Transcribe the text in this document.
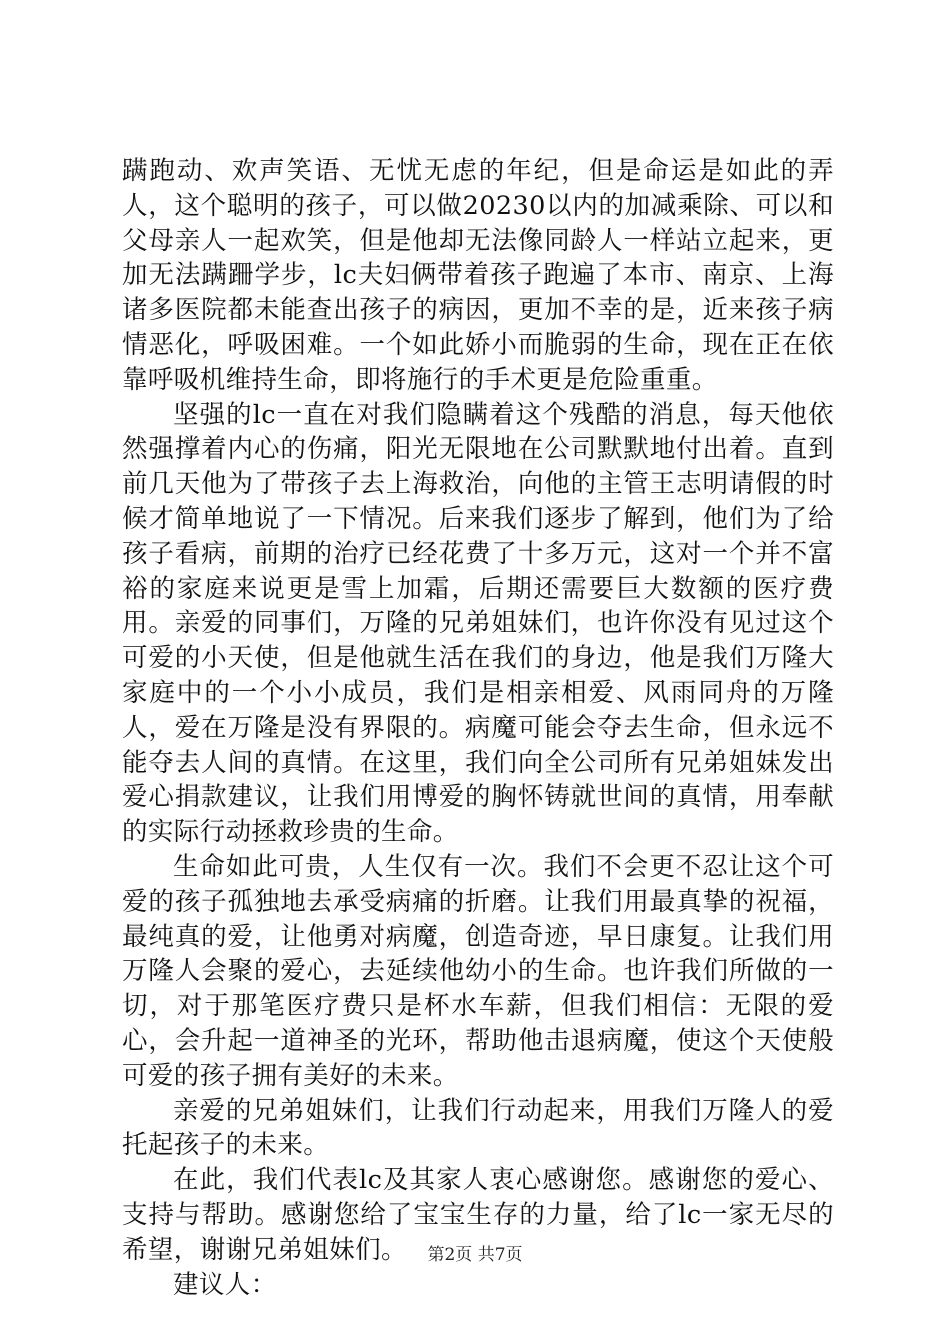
蹒跑动、欢声笑语、无忧无虑的年纪，但是命运是如此的弄人，这个聪明的孩子，可以做20230以内的加减乘除、可以和父母亲人一起欢笑，但是他却无法像同龄人一样站立起来，更加无法蹒跚学步，lc夫妇俩带着孩子跑遍了本市、南京、上海诸多医院都未能查出孩子的病因，更加不幸的是，近来孩子病情恶化，呼吸困难。一个如此娇小而脆弱的生命，现在正在依靠呼吸机维持生命，即将施行的手术更是危险重重。

坚强的lc一直在对我们隐瞒着这个残酷的消息，每天他依然强撑着内心的伤痛，阳光无限地在公司默默地付出着。直到前几天他为了带孩子去上海救治，向他的主管王志明请假的时候才简单地说了一下情况。后来我们逐步了解到，他们为了给孩子看病，前期的治疗已经花费了十多万元，这对一个并不富裕的家庭来说更是雪上加霜，后期还需要巨大数额的医疗费用。亲爱的同事们，万隆的兄弟姐妹们，也许你没有见过这个可爱的小天使，但是他就生活在我们的身边，他是我们万隆大家庭中的一个小小成员，我们是相亲相爱、风雨同舟的万隆人，爱在万隆是没有界限的。病魔可能会夺去生命，但永远不能夺去人间的真情。在这里，我们向全公司所有兄弟姐妹发出爱心捐款建议，让我们用博爱的胸怀铸就世间的真情，用奉献的实际行动拯救珍贵的生命。

生命如此可贵，人生仅有一次。我们不会更不忍让这个可爱的孩子孤独地去承受病痛的折磨。让我们用最真挚的祝福，最纯真的爱，让他勇对病魔，创造奇迹，早日康复。让我们用万隆人会聚的爱心，去延续他幼小的生命。也许我们所做的一切，对于那笔医疗费只是杯水车薪，但我们相信：无限的爱心，会升起一道神圣的光环，帮助他击退病魔，使这个天使般可爱的孩子拥有美好的未来。

亲爱的兄弟姐妹们，让我们行动起来，用我们万隆人的爱托起孩子的未来。

在此，我们代表lc及其家人衷心感谢您。感谢您的爱心、支持与帮助。感谢您给了宝宝生存的力量，给了lc一家无尽的希望，谢谢兄弟姐妹们。

建议人：

第2页 共7页
